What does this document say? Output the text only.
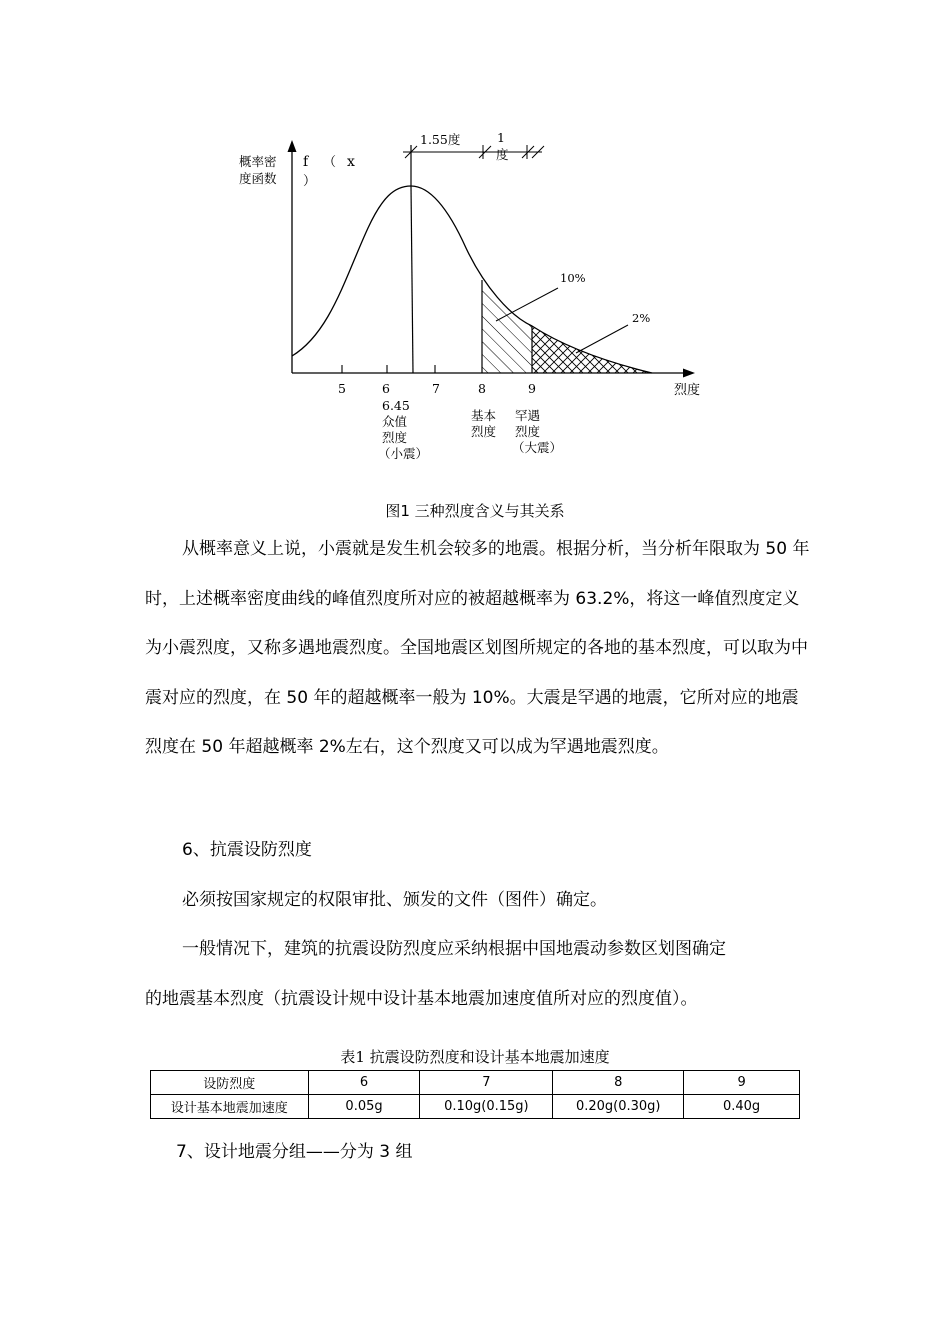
概率密
度函数
f （ x
）
1.55度	1
度
10%
2%
烈度
5	6	7	8	9
6.45
众值
烈度
（小震）
基本
烈度
罕遇
烈度
（大震）
图1 三种烈度含义与其关系

从概率意义上说，小震就是发生机会较多的地震。根据分析，当分析年限取为 50 年时，上述概率密度曲线的峰值烈度所对应的被超越概率为 63.2%，将这一峰值烈度定义为小震烈度，又称多遇地震烈度。全国地震区划图所规定的各地的基本烈度，可以取为中震对应的烈度，在 50 年的超越概率一般为 10%。大震是罕遇的地震，它所对应的地震烈度在 50 年超越概率 2%左右，这个烈度又可以成为罕遇地震烈度。

6、抗震设防烈度
必须按国家规定的权限审批、颁发的文件（图件）确定。
一般情况下，建筑的抗震设防烈度应采纳根据中国地震动参数区划图确定
的地震基本烈度（抗震设计规中设计基本地震加速度值所对应的烈度值）。
表1 抗震设防烈度和设计基本地震加速度
设防烈度	6	7	8	9
设计基本地震加速度	0.05g	0.10g(0.15g)	0.20g(0.30g)	0.40g
7、设计地震分组——分为 3 组
